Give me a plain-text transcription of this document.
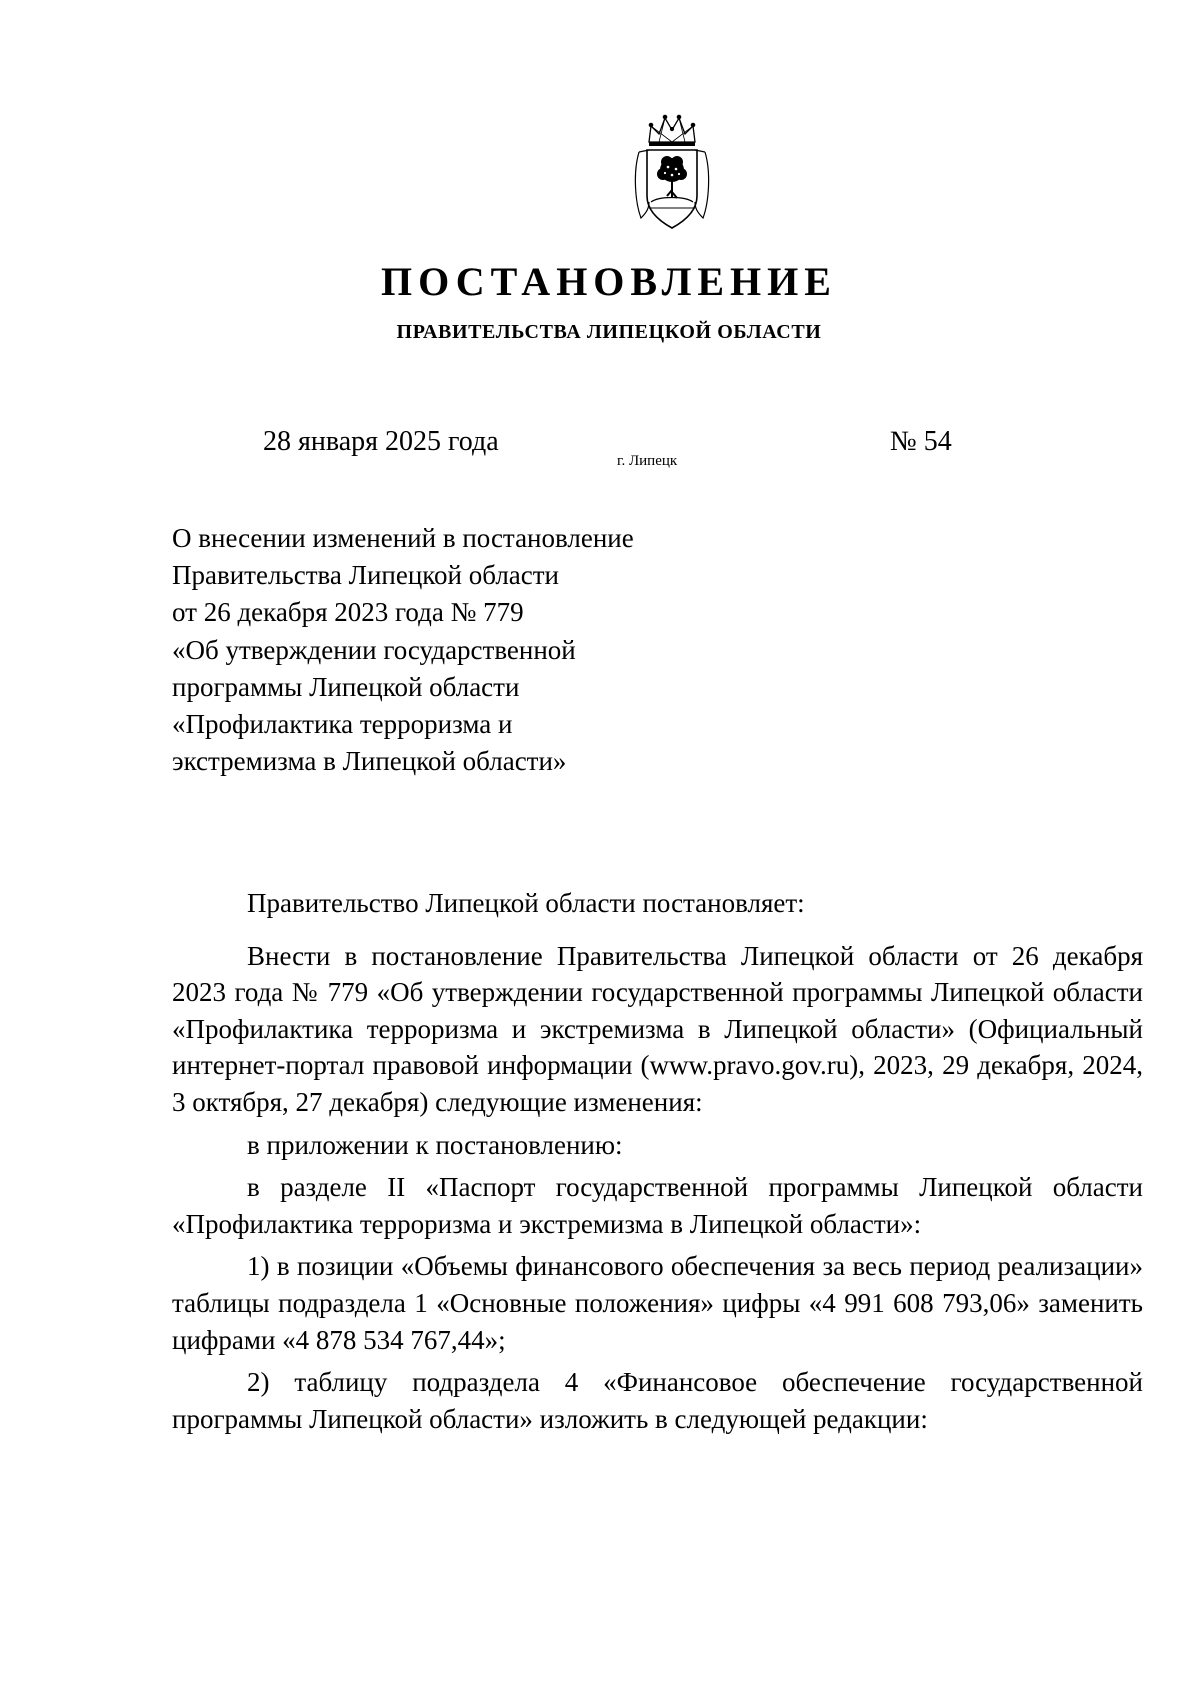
ПОСТАНОВЛЕНИЕ
ПРАВИТЕЛЬСТВА ЛИПЕЦКОЙ ОБЛАСТИ
28 января 2025 года
г. Липецк
№ 54
О внесении изменений в постановление
Правительства Липецкой области
от 26 декабря 2023 года № 779
«Об утверждении государственной
программы Липецкой области
«Профилактика терроризма и
экстремизма в Липецкой области»

Правительство Липецкой области постановляет:

Внести в постановление Правительства Липецкой области от 26 декабря 2023 года № 779 «Об утверждении государственной программы Липецкой области «Профилактика терроризма и экстремизма в Липецкой области» (Официальный интернет-портал правовой информации (www.pravo.gov.ru), 2023, 29 декабря, 2024, 3 октября, 27 декабря) следующие изменения:

в приложении к постановлению:

в разделе II «Паспорт государственной программы Липецкой области «Профилактика терроризма и экстремизма в Липецкой области»:

1) в позиции «Объемы финансового обеспечения за весь период реализации» таблицы подраздела 1 «Основные положения» цифры «4 991 608 793,06» заменить цифрами «4 878 534 767,44»;

2) таблицу подраздела 4 «Финансовое обеспечение государственной программы Липецкой области» изложить в следующей редакции:
